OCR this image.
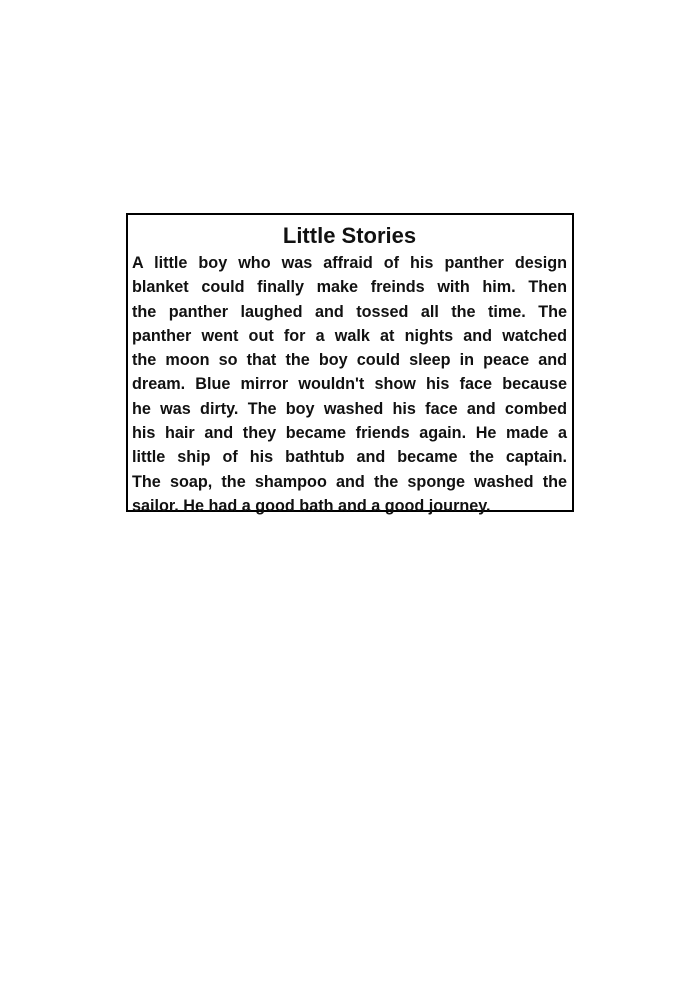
Little Stories
A little boy who was affraid of his panther design
blanket could finally make freinds with him. Then
the panther laughed and tossed all the time. The
panther went out for a walk at nights and watched
the moon so that the boy could sleep in peace and
dream. Blue mirror wouldn't show his face because
he was dirty. The boy washed his face and combed
his hair and they became friends again. He made a
little ship of his bathtub and became the captain.
The soap, the shampoo and the sponge washed the
sailor. He had a good bath and a good journey.
